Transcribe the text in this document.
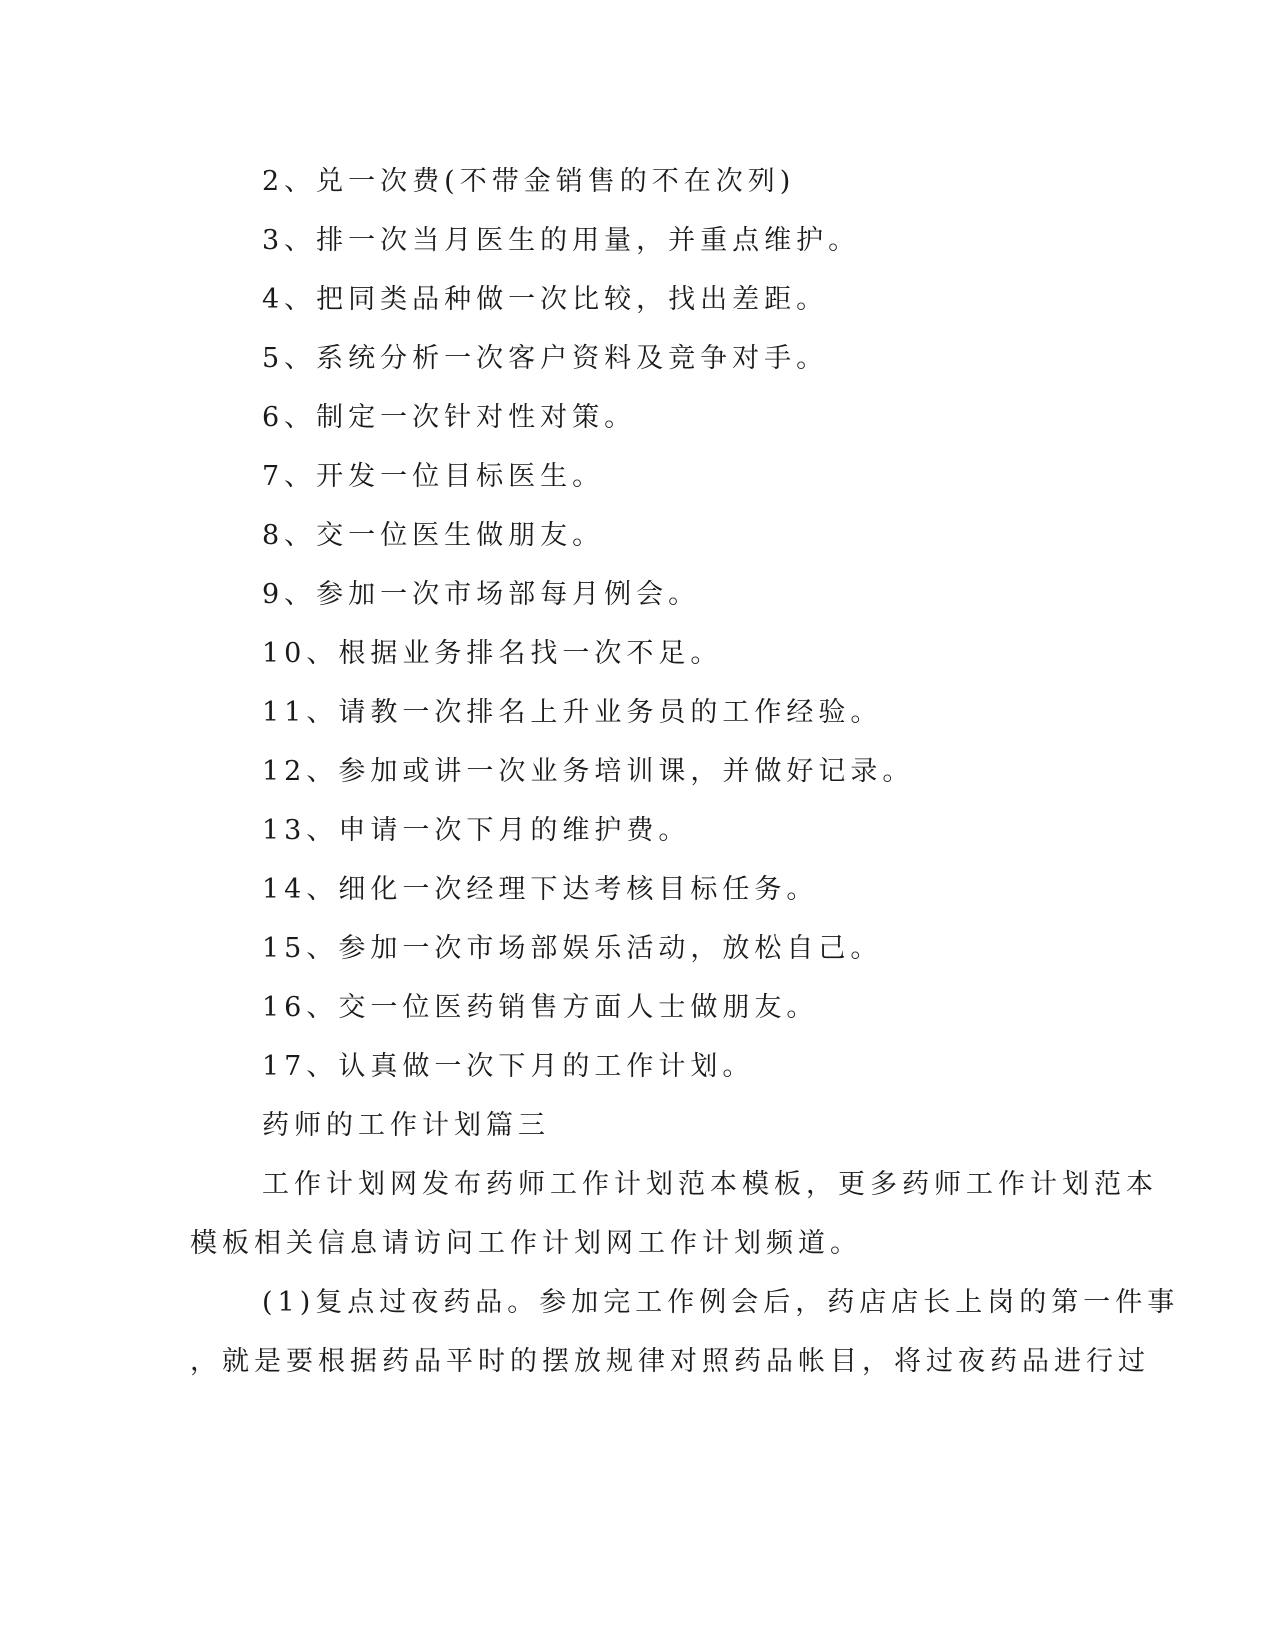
2、兑一次费(不带金销售的不在次列)
3、排一次当月医生的用量，并重点维护。
4、把同类品种做一次比较，找出差距。
5、系统分析一次客户资料及竞争对手。
6、制定一次针对性对策。
7、开发一位目标医生。
8、交一位医生做朋友。
9、参加一次市场部每月例会。
10、根据业务排名找一次不足。
11、请教一次排名上升业务员的工作经验。
12、参加或讲一次业务培训课，并做好记录。
13、申请一次下月的维护费。
14、细化一次经理下达考核目标任务。
15、参加一次市场部娱乐活动，放松自己。
16、交一位医药销售方面人士做朋友。
17、认真做一次下月的工作计划。
药师的工作计划篇三
工作计划网发布药师工作计划范本模板，更多药师工作计划范本
模板相关信息请访问工作计划网工作计划频道。
(1)复点过夜药品。参加完工作例会后，药店店长上岗的第一件事
，就是要根据药品平时的摆放规律对照药品帐目，将过夜药品进行过
